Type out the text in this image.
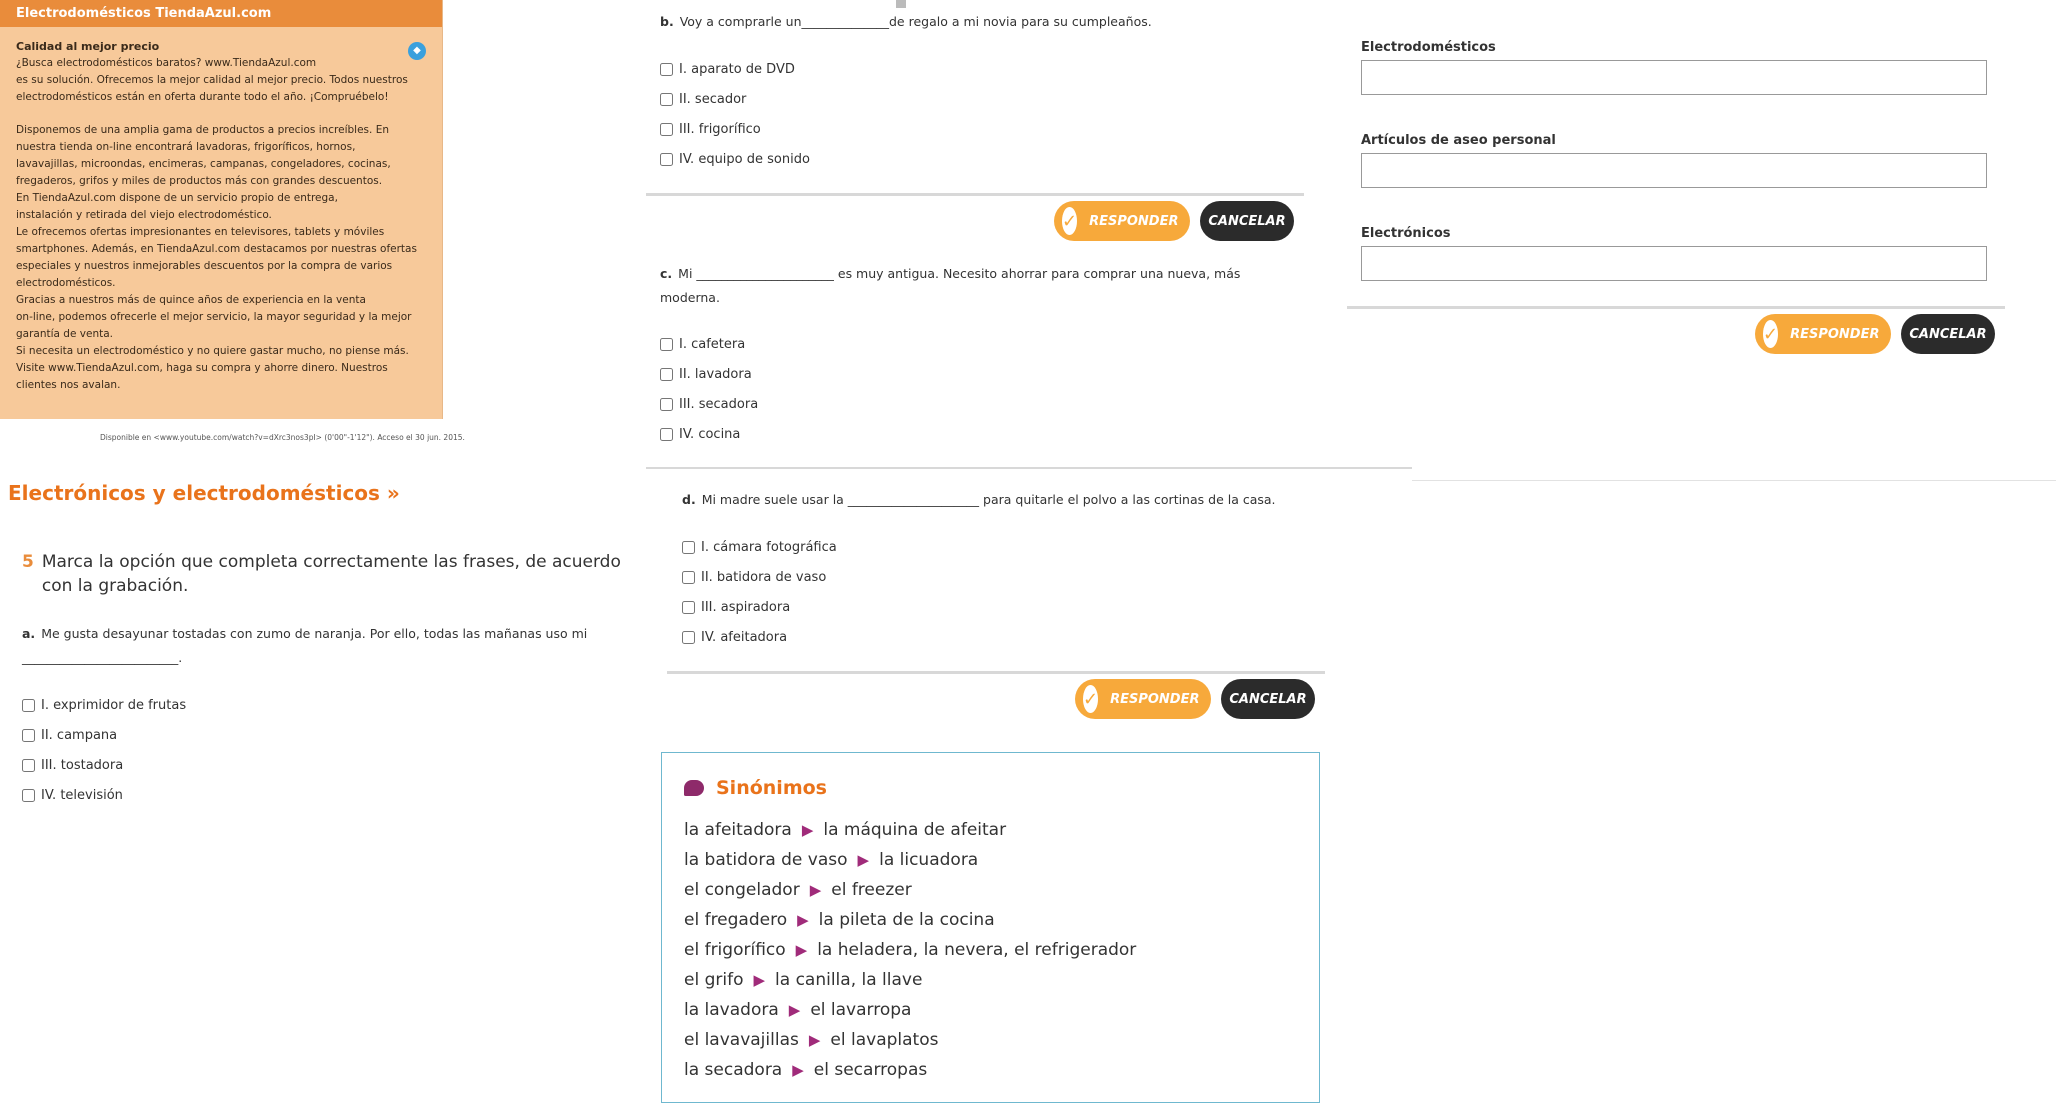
Electrodomésticos TiendaAzul.com
◆
Calidad al mejor precio

¿Busca electrodomésticos baratos? www.TiendaAzul.com

es su solución. Ofrecemos la mejor calidad al mejor precio. Todos nuestros

electrodomésticos están en oferta durante todo el año. ¡Compruébelo!

Disponemos de una amplia gama de productos a precios increíbles. En

nuestra tienda on-line encontrará lavadoras, frigoríficos, hornos,

lavavajillas, microondas, encimeras, campanas, congeladores, cocinas,

fregaderos, grifos y miles de productos más con grandes descuentos.

En TiendaAzul.com dispone de un servicio propio de entrega,

instalación y retirada del viejo electrodoméstico.

Le ofrecemos ofertas impresionantes en televisores, tablets y móviles

smartphones. Además, en TiendaAzul.com destacamos por nuestras ofertas

especiales y nuestros inmejorables descuentos por la compra de varios

electrodomésticos.

Gracias a nuestros más de quince años de experiencia en la venta

on-line, podemos ofrecerle el mejor servicio, la mayor seguridad y la mejor

garantía de venta.

Si necesita un electrodoméstico y no quiere gastar mucho, no piense más.

Visite www.TiendaAzul.com, haga su compra y ahorre dinero. Nuestros

clientes nos avalan.

Disponible en <www.youtube.com/watch?v=dXrc3nos3pI> (0'00"-1'12"). Acceso el 30 jun. 2015.
Electrónicos y electrodomésticos »
5 Marca la opción que completa correctamente las frases, de acuerdo con la grabación.
a. Me gusta desayunar tostadas con zumo de naranja. Por ello, todas las mañanas uso mi
_________________________.
I. exprimidor de frutas
II. campana
III. tostadora
IV. televisión
b. Voy a comprarle un______________de regalo a mi novia para su cumpleaños.
I. aparato de DVD
II. secador
III. frigorífico
IV. equipo de sonido
✓ RESPONDER CANCELAR
c. Mi ______________________ es muy antigua. Necesito ahorrar para comprar una nueva, más moderna.
I. cafetera
II. lavadora
III. secadora
IV. cocina
d. Mi madre suele usar la _____________________ para quitarle el polvo a las cortinas de la casa.
I. cámara fotográfica
II. batidora de vaso
III. aspiradora
IV. afeitadora
✓ RESPONDER CANCELAR
Sinónimos
la afeitadora ▶ la máquina de afeitar
la batidora de vaso ▶ la licuadora
el congelador ▶ el freezer
el fregadero ▶ la pileta de la cocina
el frigorífico ▶ la heladera, la nevera, el refrigerador
el grifo ▶ la canilla, la llave
la lavadora ▶ el lavarropa
el lavavajillas ▶ el lavaplatos
la secadora ▶ el secarropas
Electrodomésticos
Artículos de aseo personal
Electrónicos
✓ RESPONDER CANCELAR
